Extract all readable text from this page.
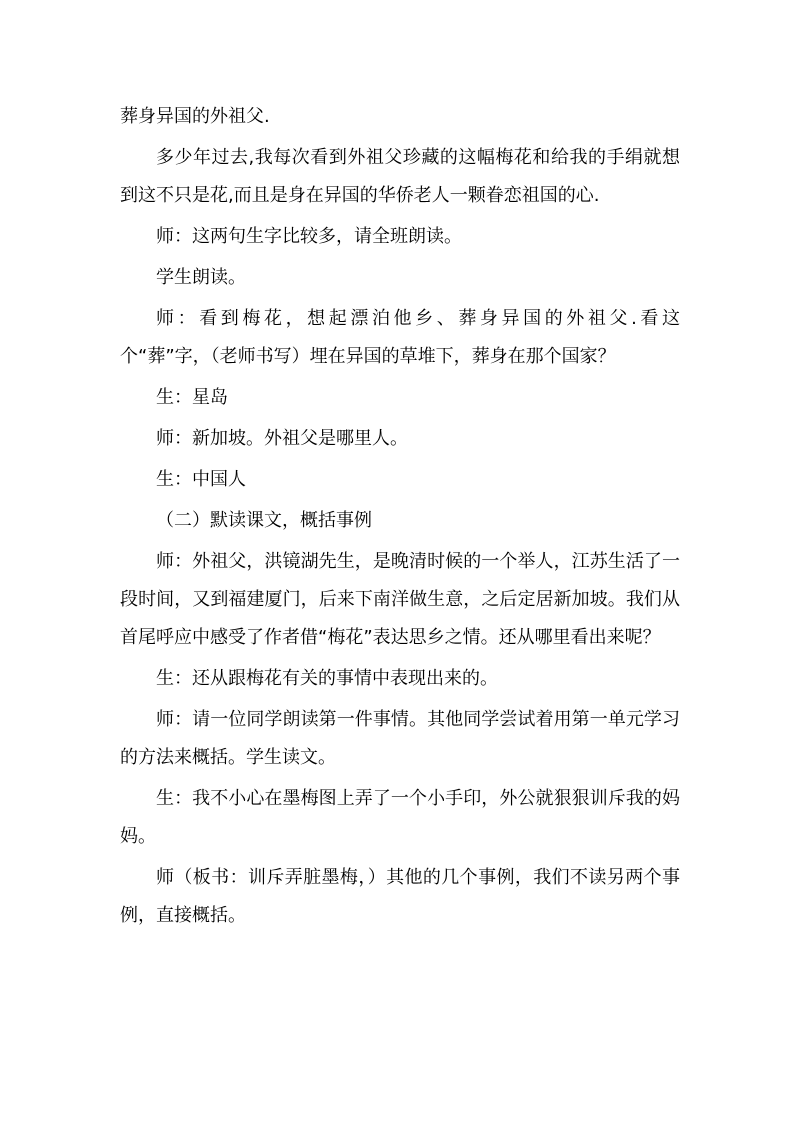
葬身异国的外祖父.

多少年过去,我每次看到外祖父珍藏的这幅梅花和给我的手绢就想到这不只是花,而且是身在异国的华侨老人一颗眷恋祖国的心.

师：这两句生字比较多，请全班朗读。

学生朗读。

师：看到梅花，想起漂泊他乡、葬身异国的外祖父.看这个“葬”字，（老师书写）埋在异国的草堆下，葬身在那个国家？

生：星岛

师：新加坡。外祖父是哪里人。

生：中国人

（二）默读课文，概括事例

师：外祖父，洪镜湖先生，是晚清时候的一个举人，江苏生活了一段时间，又到福建厦门，后来下南洋做生意，之后定居新加坡。我们从首尾呼应中感受了作者借“梅花”表达思乡之情。还从哪里看出来呢？

生：还从跟梅花有关的事情中表现出来的。

师：请一位同学朗读第一件事情。其他同学尝试着用第一单元学习的方法来概括。学生读文。

生：我不小心在墨梅图上弄了一个小手印，外公就狠狠训斥我的妈妈。

师（板书：训斥弄脏墨梅，）其他的几个事例，我们不读另两个事例，直接概括。
